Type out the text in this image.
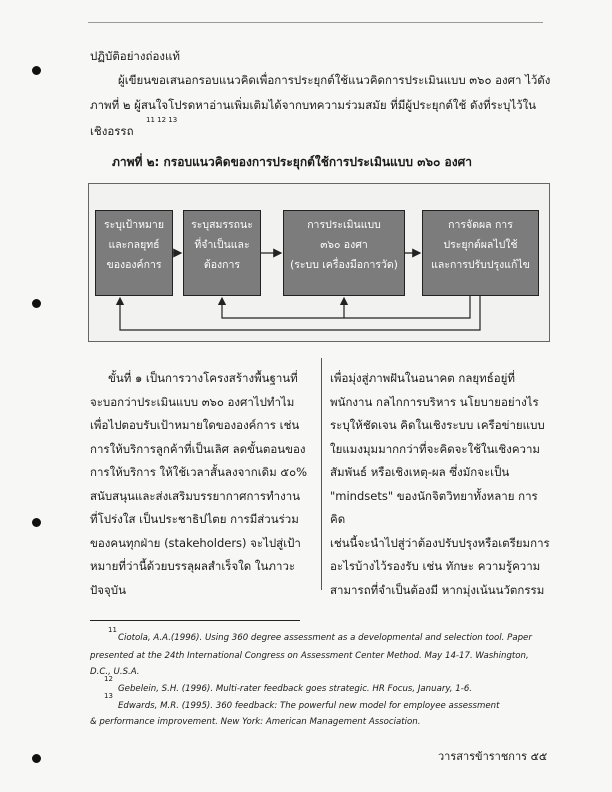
ปฏิบัติอย่างถ่องแท้
ผู้เขียนขอเสนอกรอบแนวคิดเพื่อการประยุกต์ใช้แนวคิดการประเมินแบบ ๓๖๐ องศา ไว้ดัง
ภาพที่ ๒ ผู้สนใจโปรดหาอ่านเพิ่มเติมได้จากบทความร่วมสมัย ที่มีผู้ประยุกต์ใช้ ดังที่ระบุไว้ใน
เชิงอรรถ
11 12 13
ภาพที่ ๒: กรอบแนวคิดของการประยุกต์ใช้การประเมินแบบ ๓๖๐ องศา
ระบุเป้าหมาย
และกลยุทธ์
ขององค์การ
ระบุสมรรถนะ
ที่จำเป็นและ
ต้องการ
การประเมินแบบ
๓๖๐ องศา
(ระบบ เครื่องมือการวัด)
การจัดผล การ
ประยุกต์ผลไปใช้
และการปรับปรุงแก้ไข
ขั้นที่ ๑ เป็นการวางโครงสร้างพื้นฐานที่
จะบอกว่าประเมินแบบ ๓๖๐ องศาไปทำไม
เพื่อไปตอบรับเป้าหมายใดขององค์การ เช่น
การให้บริการลูกค้าที่เป็นเลิศ ลดขั้นตอนของ
การให้บริการ ให้ใช้เวลาสั้นลงจากเดิม ๕๐%
สนับสนุนและส่งเสริมบรรยากาศการทำงาน
ที่โปร่งใส เป็นประชาธิปไตย การมีส่วนร่วม
ของคนทุกฝ่าย (stakeholders) จะไปสู่เป้า
หมายที่ว่านี้ด้วยบรรลุผลสำเร็จใด ในภาวะปัจจุบัน
เพื่อมุ่งสู่ภาพฝันในอนาคต กลยุทธ์อยู่ที่
พนักงาน กลไกการบริหาร นโยบายอย่างไร
ระบุให้ชัดเจน คิดในเชิงระบบ เครือข่ายแบบ
ใยแมงมุมมากกว่าที่จะคิดจะใช้ในเชิงความ
สัมพันธ์ หรือเชิงเหตุ-ผล ซึ่งมักจะเป็น
"mindsets" ของนักจิตวิทยาทั้งหลาย การคิด
เช่นนี้จะนำไปสู่ว่าต้องปรับปรุงหรือเตรียมการ
อะไรบ้างไว้รองรับ เช่น ทักษะ ความรู้ความ
สามารถที่จำเป็นต้องมี หากมุ่งเน้นนวัตกรรม
11
Ciotola, A.A.(1996). Using 360 degree assessment as a developmental and selection tool. Paper
presented at the 24th International Congress on Assessment Center Method. May 14-17. Washington,
D.C., U.S.A.
12
Gebelein, S.H. (1996). Multi-rater feedback goes strategic. HR Focus, January, 1-6.
13
Edwards, M.R. (1995). 360 feedback: The powerful new model for employee assessment
& performance improvement. New York: American Management Association.
วารสารข้าราชการ ๕๕
